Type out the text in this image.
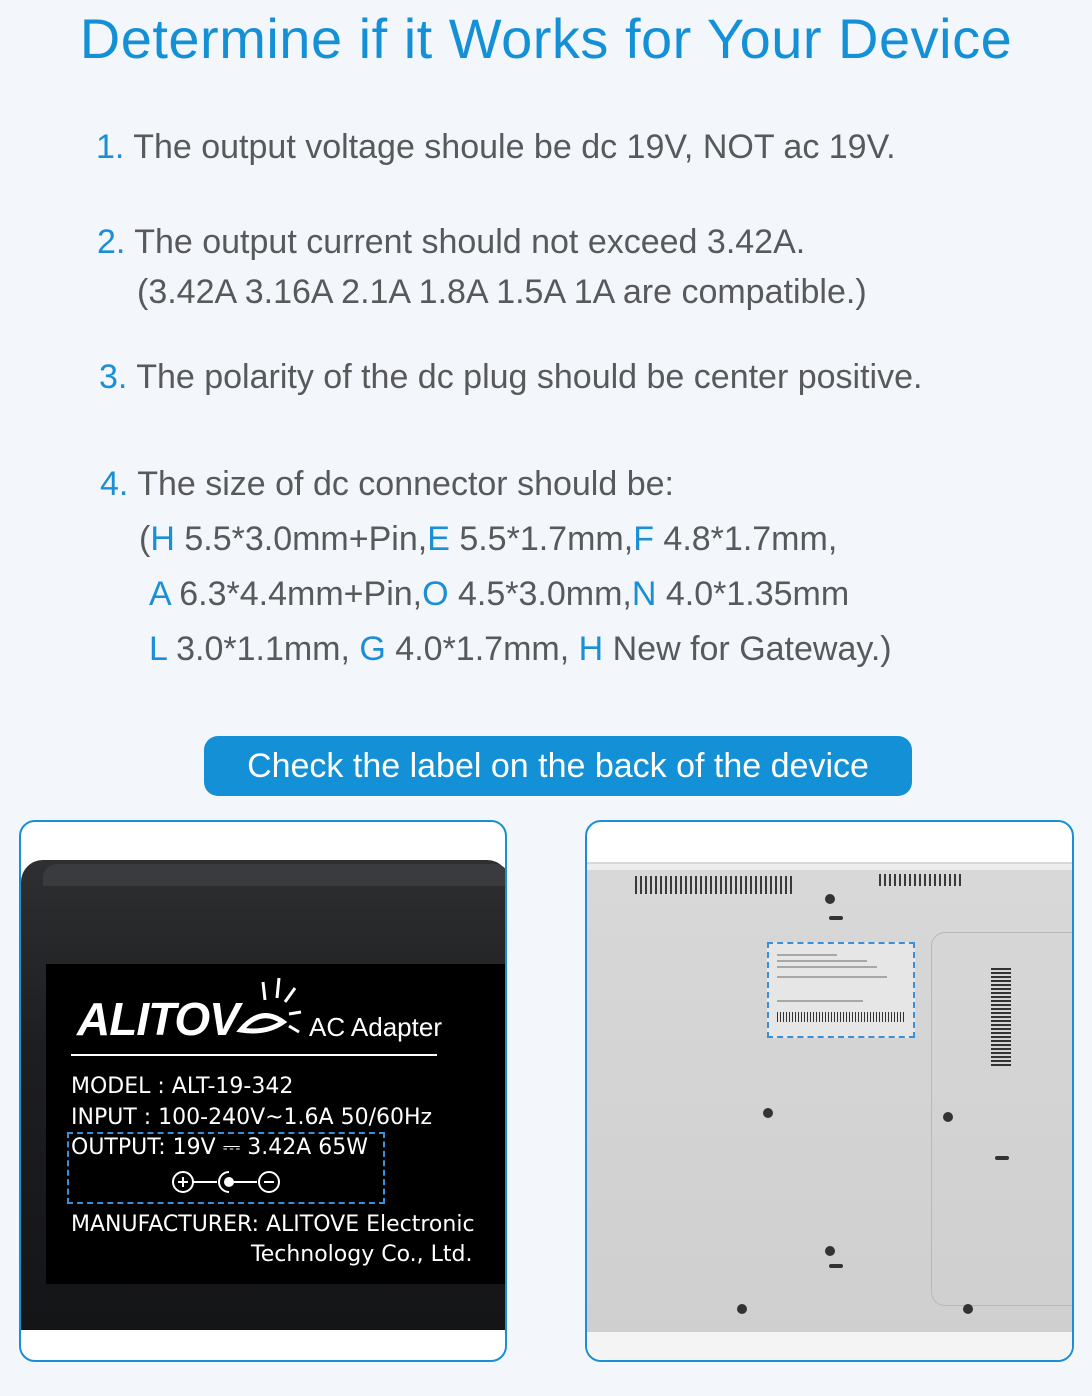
Determine if it Works for Your Device
1. The output voltage shoule be dc 19V, NOT ac 19V.
2. The output current should not exceed 3.42A.
(3.42A 3.16A 2.1A 1.8A 1.5A 1A are compatible.)
3. The polarity of the dc plug should be center positive.
4. The size of dc connector should be:
(H 5.5*3.0mm+Pin,E 5.5*1.7mm,F 4.8*1.7mm,
A 6.3*4.4mm+Pin,O 4.5*3.0mm,N 4.0*1.35mm
L 3.0*1.1mm, G 4.0*1.7mm, H New for Gateway.)
Check the label on the back of the device
ALITOV	AC Adapter
MODEL : ALT-19-342
INPUT : 100-240V~1.6A 50/60Hz
OUTPUT: 19V ⎓ 3.42A 65W
MANUFACTURER: ALITOVE Electronic
Technology Co., Ltd.
